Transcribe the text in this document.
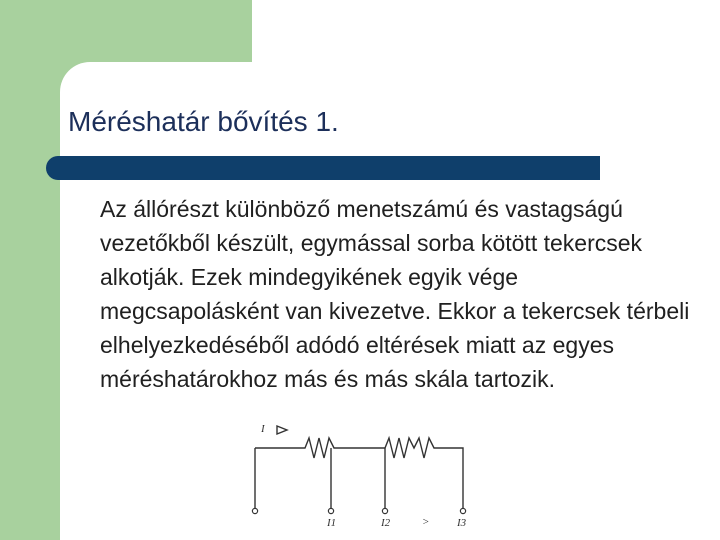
Méréshatár bővítés 1.

Az állórészt különböző menetszámú és vastagságú vezetőkből készült, egymással sorba kötött tekercsek alkotják. Ezek mindegyikének egyik vége megcsapolásként van kivezetve. Ekkor a tekercsek térbeli elhelyezkedéséből adódó eltérések miatt az egyes méréshatárokhoz más és más skála tartozik.

I
I1	I2	>	I3
